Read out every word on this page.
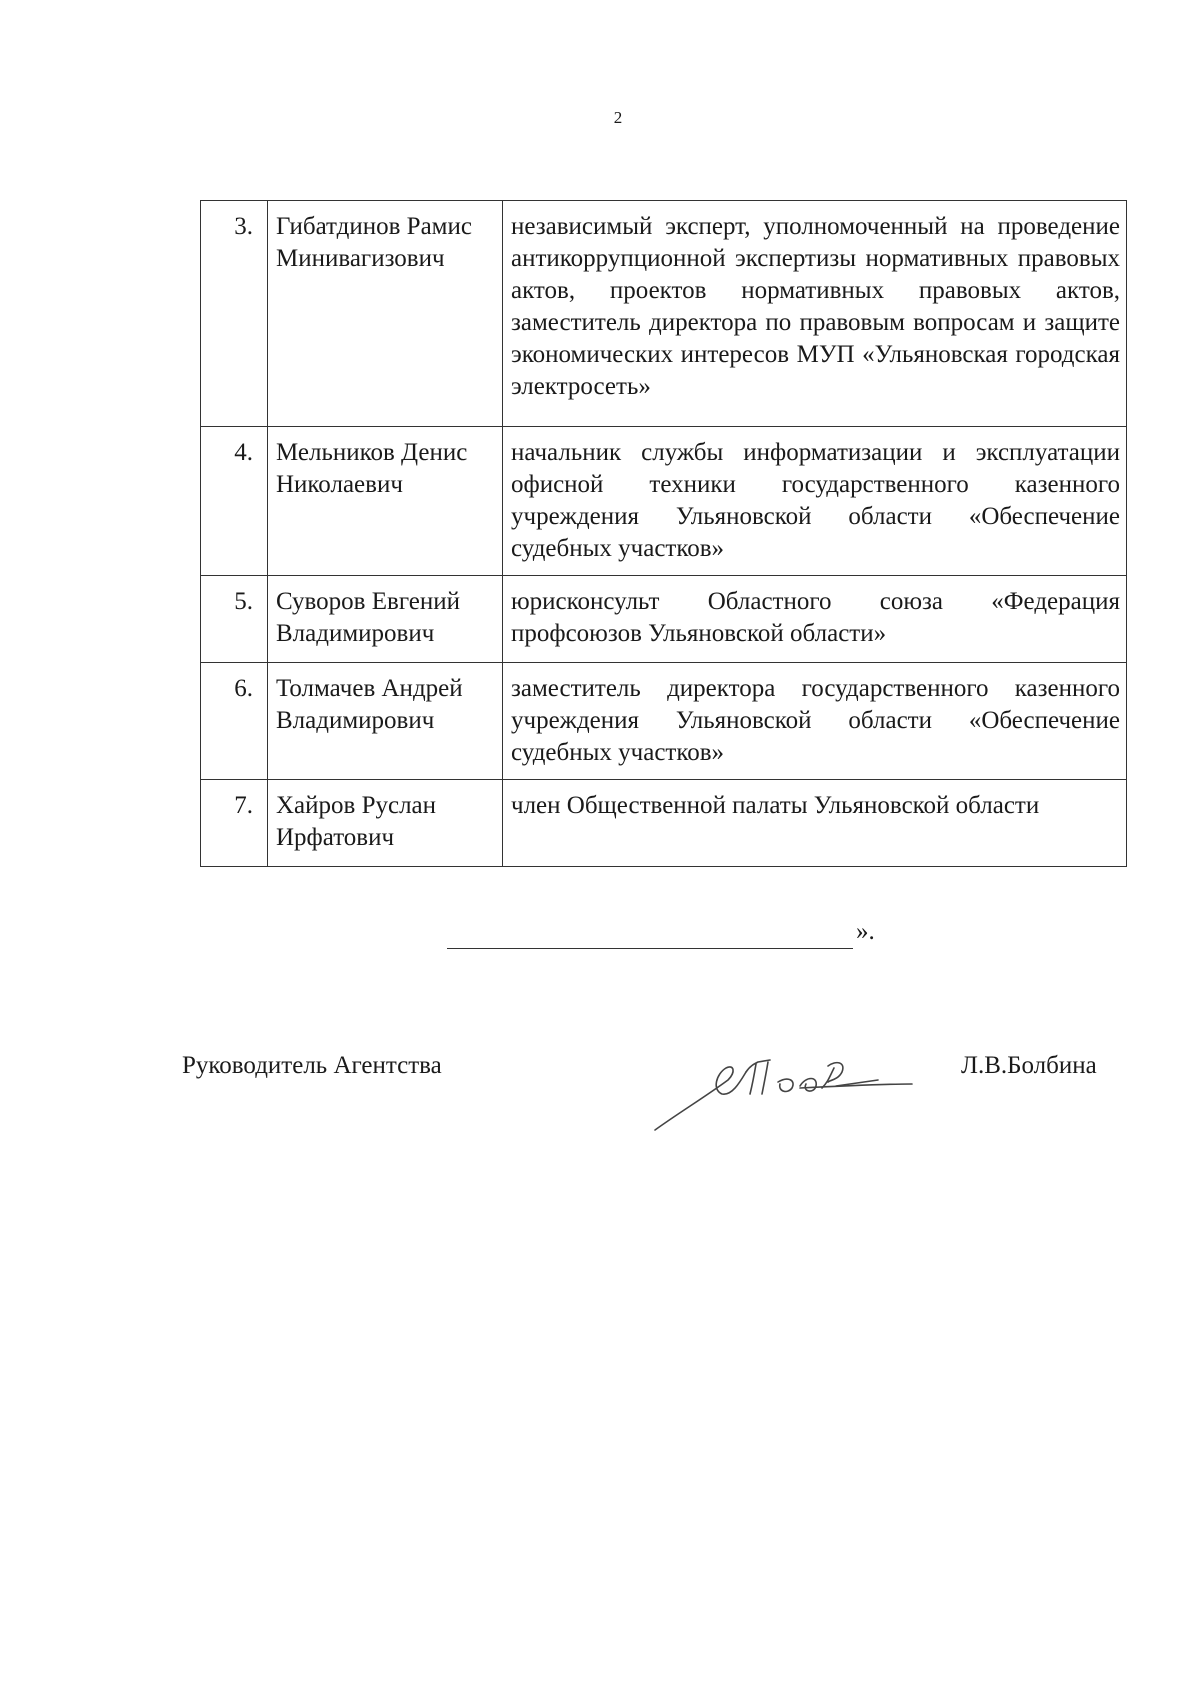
2
3.	Гибатдинов Рамис Минивагизович	независимый эксперт, уполномоченный на проведение антикоррупционной экспертизы нормативных правовых актов, проектов нормативных правовых актов, заместитель директора по правовым вопросам и защите экономических интересов МУП «Ульяновская городская электросеть»
4.	Мельников Денис Николаевич	начальник службы информатизации и эксплуатации офисной техники государственного казенного учреждения Ульяновской области «Обеспечение судебных участков»
5.	Суворов Евгений Владимирович	юрисконсульт Областного союза «Федерация профсоюзов Ульяновской области»
6.	Толмачев Андрей Владимирович	заместитель директора государственного казенного учреждения Ульяновской области «Обеспечение судебных участков»
7.	Хайров Руслан Ирфатович	член Общественной палаты Ульяновской области
».
Руководитель Агентства	Л.В.Болбина
